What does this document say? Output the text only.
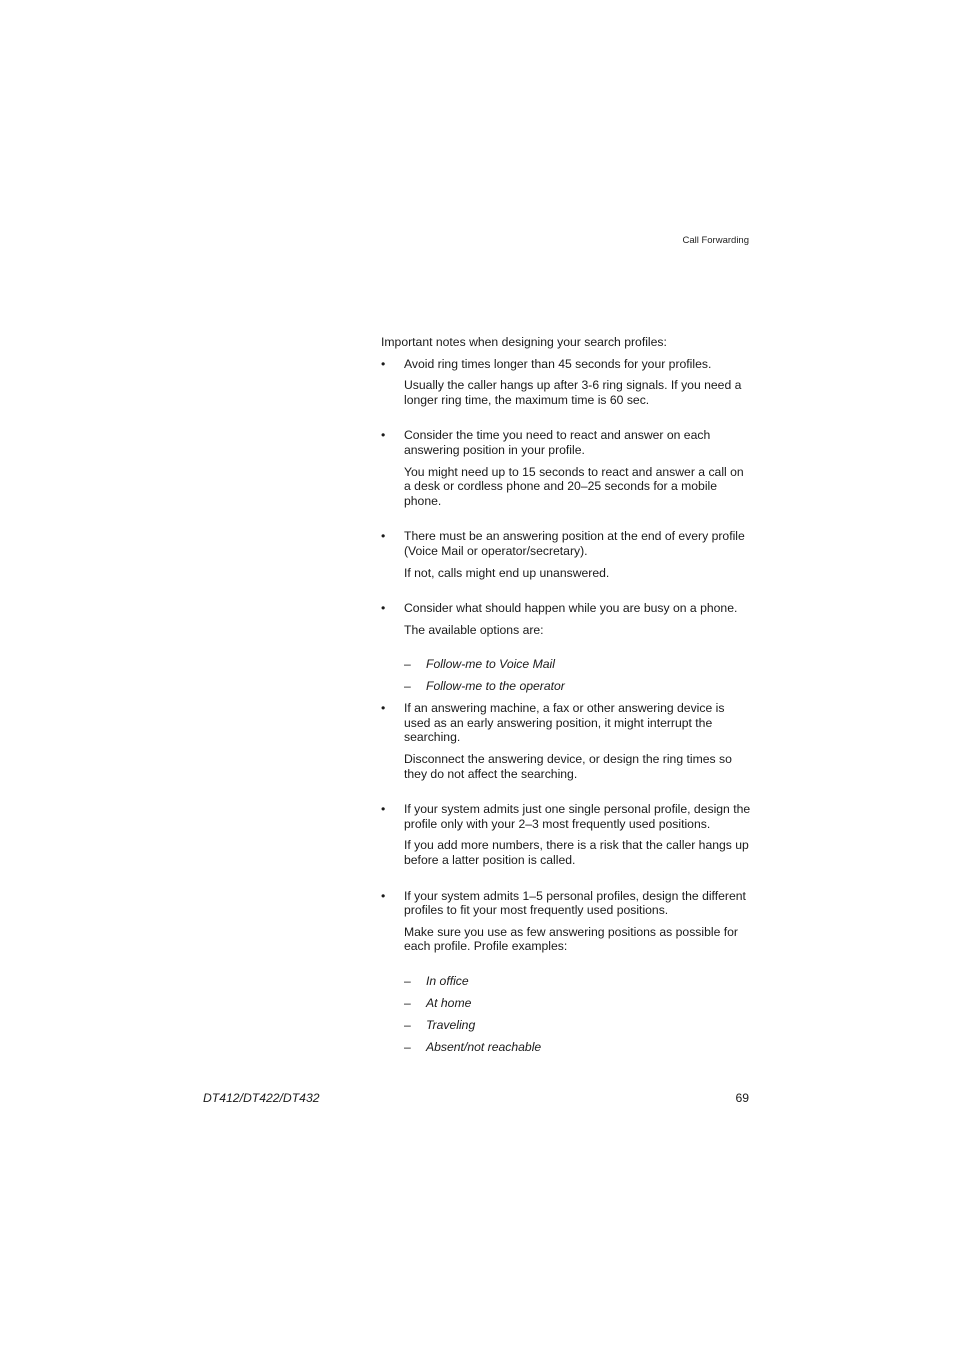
Call Forwarding

Important notes when designing your search profiles:

• Avoid ring times longer than 45 seconds for your profiles.

Usually the caller hangs up after 3-6 ring signals. If you need a longer ring time, the maximum time is 60 sec.

• Consider the time you need to react and answer on each answering position in your profile.

You might need up to 15 seconds to react and answer a call on a desk or cordless phone and 20–25 seconds for a mobile phone.

• There must be an answering position at the end of every profile (Voice Mail or operator/secretary).

If not, calls might end up unanswered.

• Consider what should happen while you are busy on a phone.

The available options are:

– Follow-me to Voice Mail
– Follow-me to the operator
• If an answering machine, a fax or other answering device is used as an early answering position, it might interrupt the searching.

Disconnect the answering device, or design the ring times so they do not affect the searching.

• If your system admits just one single personal profile, design the profile only with your 2–3 most frequently used positions.

If you add more numbers, there is a risk that the caller hangs up before a latter position is called.

• If your system admits 1–5 personal profiles, design the different profiles to fit your most frequently used positions.

Make sure you use as few answering positions as possible for each profile. Profile examples:

– In office
– At home
– Traveling
– Absent/not reachable
DT412/DT422/DT432	69
